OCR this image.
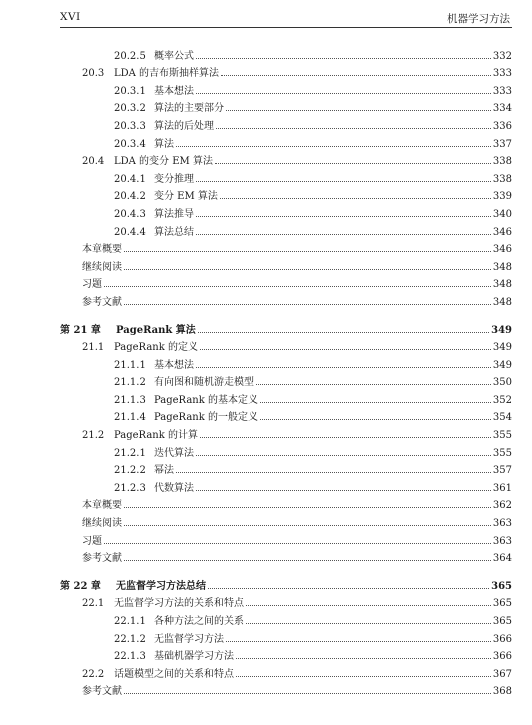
XVI	机器学习方法
20.2.5 概率公式	332
20.3 LDA 的吉布斯抽样算法	333
20.3.1 基本想法	333
20.3.2 算法的主要部分	334
20.3.3 算法的后处理	336
20.3.4 算法	337
20.4 LDA 的变分 EM 算法	338
20.4.1 变分推理	338
20.4.2 变分 EM 算法	339
20.4.3 算法推导	340
20.4.4 算法总结	346
本章概要	346
继续阅读	348
习题	348
参考文献	348
第 21 章	PageRank 算法	349
21.1 PageRank 的定义	349
21.1.1 基本想法	349
21.1.2 有向图和随机游走模型	350
21.1.3 PageRank 的基本定义	352
21.1.4 PageRank 的一般定义	354
21.2 PageRank 的计算	355
21.2.1 迭代算法	355
21.2.2 幂法	357
21.2.3 代数算法	361
本章概要	362
继续阅读	363
习题	363
参考文献	364
第 22 章	无监督学习方法总结	365
22.1 无监督学习方法的关系和特点	365
22.1.1 各种方法之间的关系	365
22.1.2 无监督学习方法	366
22.1.3 基础机器学习方法	366
22.2 话题模型之间的关系和特点	367
参考文献	368
